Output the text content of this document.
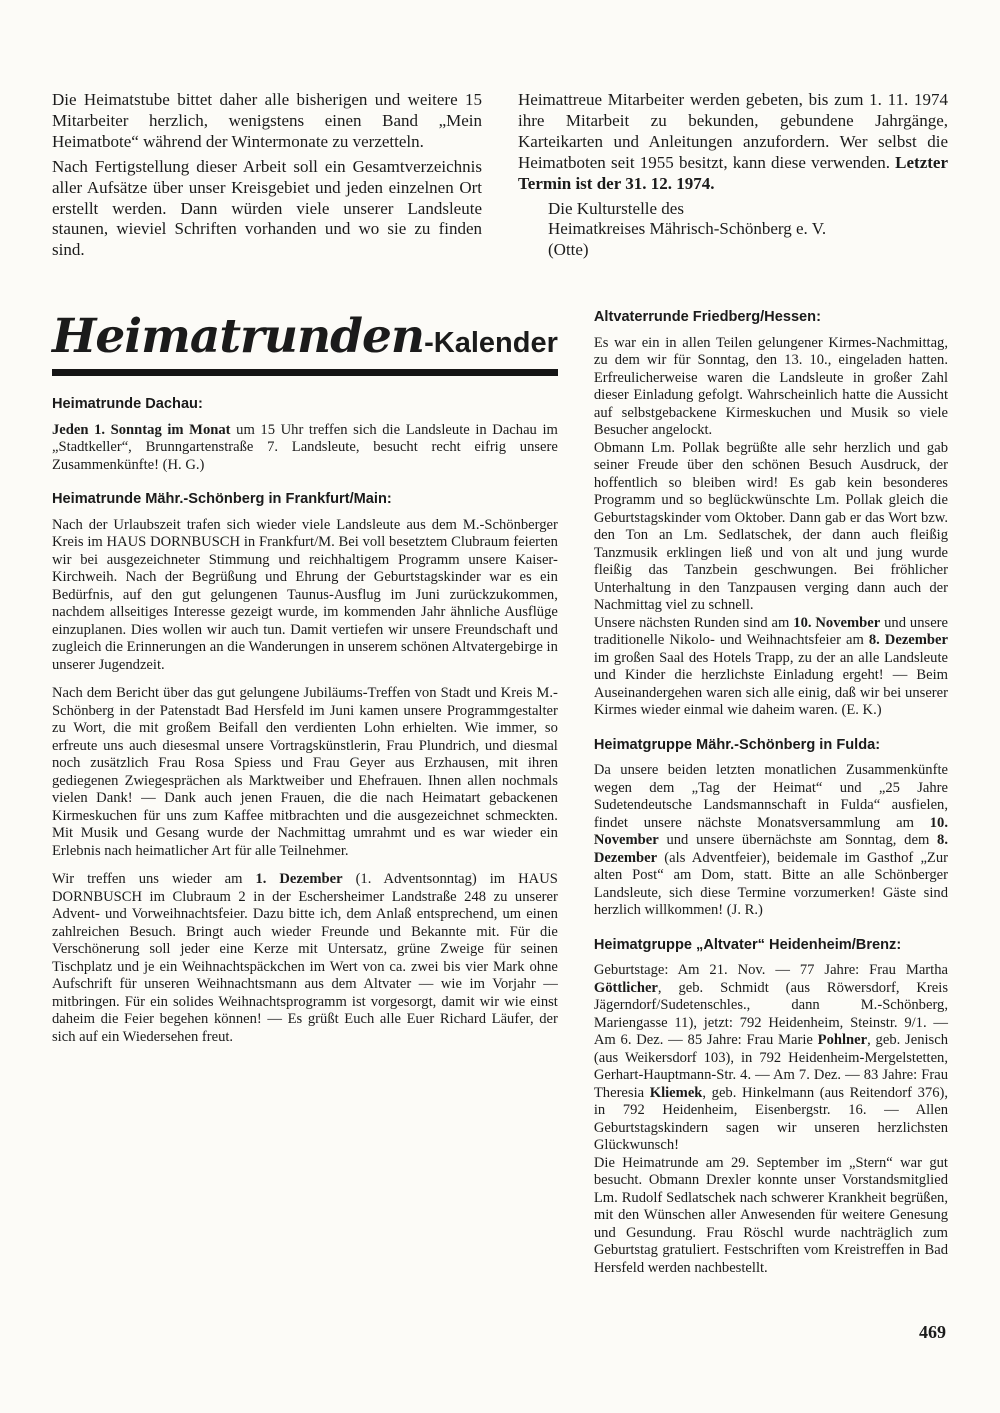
Die Heimatstube bittet daher alle bisherigen und weitere 15 Mitarbeiter herzlich, wenigstens einen Band „Mein Heimatbote“ während der Wintermonate zu verzetteln.

Nach Fertigstellung dieser Arbeit soll ein Gesamtverzeichnis aller Aufsätze über unser Kreisgebiet und jeden einzelnen Ort erstellt werden. Dann würden viele unserer Landsleute staunen, wieviel Schriften vorhanden und wo sie zu finden sind.

Heimattreue Mitarbeiter werden gebeten, bis zum 1. 11. 1974 ihre Mitarbeit zu bekunden, gebundene Jahrgänge, Karteikarten und Anleitungen anzufordern. Wer selbst die Heimatboten seit 1955 besitzt, kann diese verwenden. Letzter Termin ist der 31. 12. 1974.

Die Kulturstelle des

Heimatkreises Mährisch-Schönberg e. V.

(Otte)

Heimatrunden-Kalender
Heimatrunde Dachau:

Jeden 1. Sonntag im Monat um 15 Uhr treffen sich die Landsleute in Dachau im „Stadtkeller“, Brunngartenstraße 7. Landsleute, besucht recht eifrig unsere Zusammenkünfte! (H. G.)

Heimatrunde Mähr.-Schönberg in Frankfurt/Main:

Nach der Urlaubszeit trafen sich wieder viele Landsleute aus dem M.-Schönberger Kreis im HAUS DORNBUSCH in Frankfurt/M. Bei voll besetztem Clubraum feierten wir bei ausgezeichneter Stimmung und reichhaltigem Programm unsere Kaiser-Kirchweih. Nach der Begrüßung und Ehrung der Geburtstagskinder war es ein Bedürfnis, auf den gut gelungenen Taunus-Ausflug im Juni zurückzukommen, nachdem allseitiges Interesse gezeigt wurde, im kommenden Jahr ähnliche Ausflüge einzuplanen. Dies wollen wir auch tun. Damit vertiefen wir unsere Freundschaft und zugleich die Erinnerungen an die Wanderungen in unserem schönen Altvatergebirge in unserer Jugendzeit.

Nach dem Bericht über das gut gelungene Jubiläums-Treffen von Stadt und Kreis M.-Schönberg in der Patenstadt Bad Hersfeld im Juni kamen unsere Programmgestalter zu Wort, die mit großem Beifall den verdienten Lohn erhielten. Wie immer, so erfreute uns auch diesesmal unsere Vortragskünstlerin, Frau Plundrich, und diesmal noch zusätzlich Frau Rosa Spiess und Frau Geyer aus Erzhausen, mit ihren gediegenen Zwiegesprächen als Marktweiber und Ehefrauen. Ihnen allen nochmals vielen Dank! — Dank auch jenen Frauen, die die nach Heimatart gebackenen Kirmeskuchen für uns zum Kaffee mitbrachten und die ausgezeichnet schmeckten. Mit Musik und Gesang wurde der Nachmittag umrahmt und es war wieder ein Erlebnis nach heimatlicher Art für alle Teilnehmer.

Wir treffen uns wieder am 1. Dezember (1. Adventsonntag) im HAUS DORNBUSCH im Clubraum 2 in der Eschersheimer Landstraße 248 zu unserer Advent- und Vorweihnachtsfeier. Dazu bitte ich, dem Anlaß entsprechend, um einen zahlreichen Besuch. Bringt auch wieder Freunde und Bekannte mit. Für die Verschönerung soll jeder eine Kerze mit Untersatz, grüne Zweige für seinen Tischplatz und je ein Weihnachtspäckchen im Wert von ca. zwei bis vier Mark ohne Aufschrift für unseren Weihnachtsmann aus dem Altvater — wie im Vorjahr — mitbringen. Für ein solides Weihnachtsprogramm ist vorgesorgt, damit wir wie einst daheim die Feier begehen können! — Es grüßt Euch alle Euer Richard Läufer, der sich auf ein Wiedersehen freut.

Altvaterrunde Friedberg/Hessen:

Es war ein in allen Teilen gelungener Kirmes-Nachmittag, zu dem wir für Sonntag, den 13. 10., eingeladen hatten. Erfreulicherweise waren die Landsleute in großer Zahl dieser Einladung gefolgt. Wahrscheinlich hatte die Aussicht auf selbstgebackene Kirmeskuchen und Musik so viele Besucher angelockt.

Obmann Lm. Pollak begrüßte alle sehr herzlich und gab seiner Freude über den schönen Besuch Ausdruck, der hoffentlich so bleiben wird! Es gab kein besonderes Programm und so beglückwünschte Lm. Pollak gleich die Geburtstagskinder vom Oktober. Dann gab er das Wort bzw. den Ton an Lm. Sedlatschek, der dann auch fleißig Tanzmusik erklingen ließ und von alt und jung wurde fleißig das Tanzbein geschwungen. Bei fröhlicher Unterhaltung in den Tanzpausen verging dann auch der Nachmittag viel zu schnell.

Unsere nächsten Runden sind am 10. November und unsere traditionelle Nikolo- und Weihnachtsfeier am 8. Dezember im großen Saal des Hotels Trapp, zu der an alle Landsleute und Kinder die herzlichste Einladung ergeht! — Beim Auseinandergehen waren sich alle einig, daß wir bei unserer Kirmes wieder einmal wie daheim waren. (E. K.)

Heimatgruppe Mähr.-Schönberg in Fulda:

Da unsere beiden letzten monatlichen Zusammenkünfte wegen dem „Tag der Heimat“ und „25 Jahre Sudetendeutsche Landsmannschaft in Fulda“ ausfielen, findet unsere nächste Monatsversammlung am 10. November und unsere übernächste am Sonntag, dem 8. Dezember (als Adventfeier), beidemale im Gasthof „Zur alten Post“ am Dom, statt. Bitte an alle Schönberger Landsleute, sich diese Termine vorzumerken! Gäste sind herzlich willkommen! (J. R.)

Heimatgruppe „Altvater“ Heidenheim/Brenz:

Geburtstage: Am 21. Nov. — 77 Jahre: Frau Martha Göttlicher, geb. Schmidt (aus Röwersdorf, Kreis Jägerndorf/Sudetenschles., dann M.-Schönberg, Mariengasse 11), jetzt: 792 Heidenheim, Steinstr. 9/1. — Am 6. Dez. — 85 Jahre: Frau Marie Pohlner, geb. Jenisch (aus Weikersdorf 103), in 792 Heidenheim-Mergelstetten, Gerhart-Hauptmann-Str. 4. — Am 7. Dez. — 83 Jahre: Frau Theresia Kliemek, geb. Hinkelmann (aus Reitendorf 376), in 792 Heidenheim, Eisenbergstr. 16. — Allen Geburtstagskindern sagen wir unseren herzlichsten Glückwunsch!

Die Heimatrunde am 29. September im „Stern“ war gut besucht. Obmann Drexler konnte unser Vorstandsmitglied Lm. Rudolf Sedlatschek nach schwerer Krankheit begrüßen, mit den Wünschen aller Anwesenden für weitere Genesung und Gesundung. Frau Röschl wurde nachträglich zum Geburtstag gratuliert. Festschriften vom Kreistreffen in Bad Hersfeld werden nachbestellt.

469
